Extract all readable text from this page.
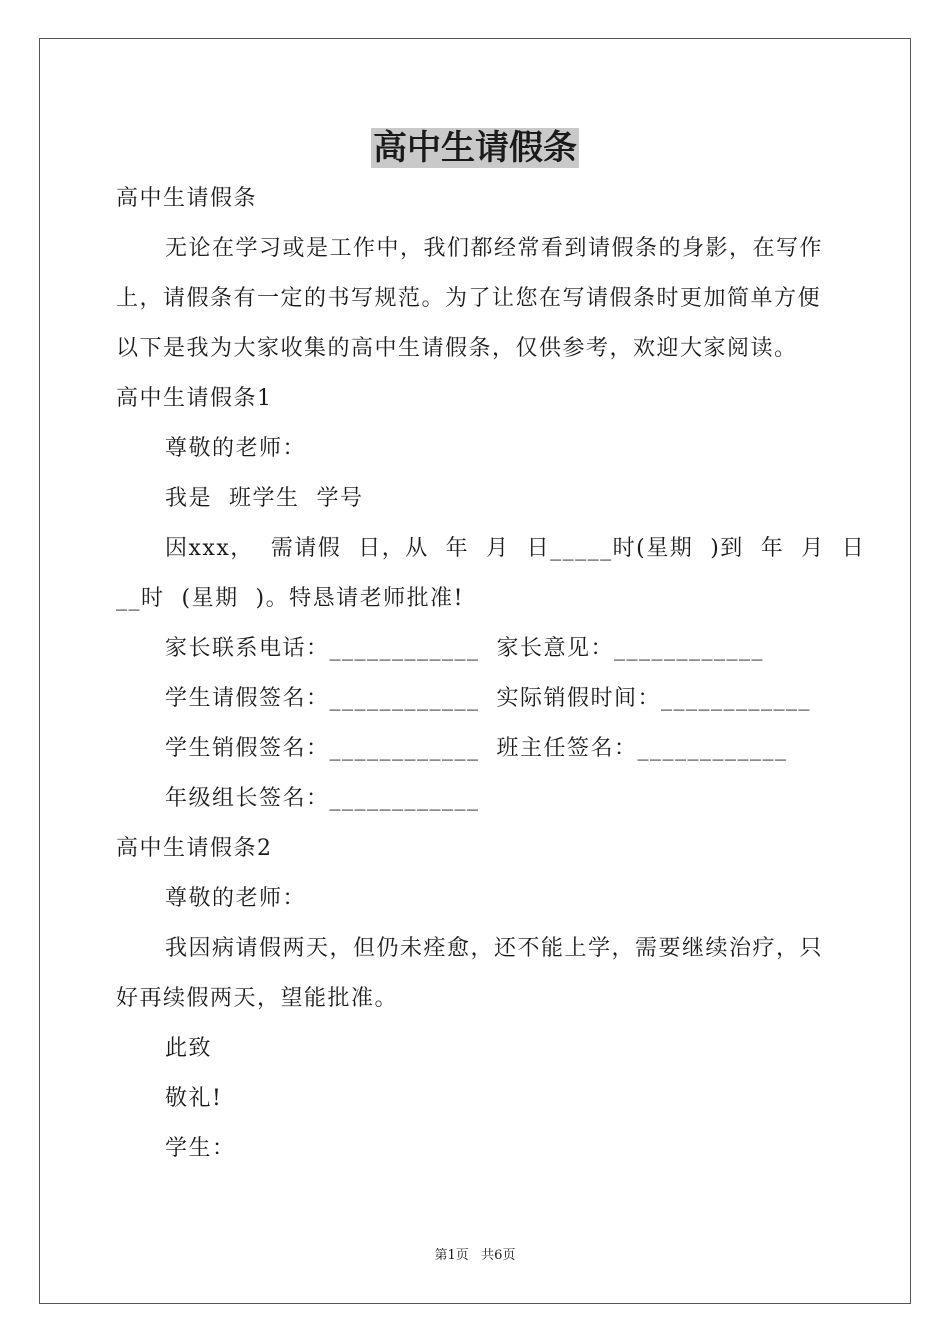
高中生请假条
高中生请假条
无论在学习或是工作中，我们都经常看到请假条的身影，在写作
上，请假条有一定的书写规范。为了让您在写请假条时更加简单方便
以下是我为大家收集的高中生请假条，仅供参考，欢迎大家阅读。
高中生请假条1
尊敬的老师：
我是  班学生  学号
因xxx，  需请假  日，从  年  月  日_____时(星期  )到  年  月  日
__时  (星期  )。特恳请老师批准!
家长联系电话：____________  家长意见：____________
学生请假签名：____________  实际销假时间：____________
学生销假签名：____________  班主任签名：____________
年级组长签名：____________
高中生请假条2
尊敬的老师：
我因病请假两天，但仍未痊愈，还不能上学，需要继续治疗，只
好再续假两天，望能批准。
此致
敬礼!
学生：
第1页   共6页
